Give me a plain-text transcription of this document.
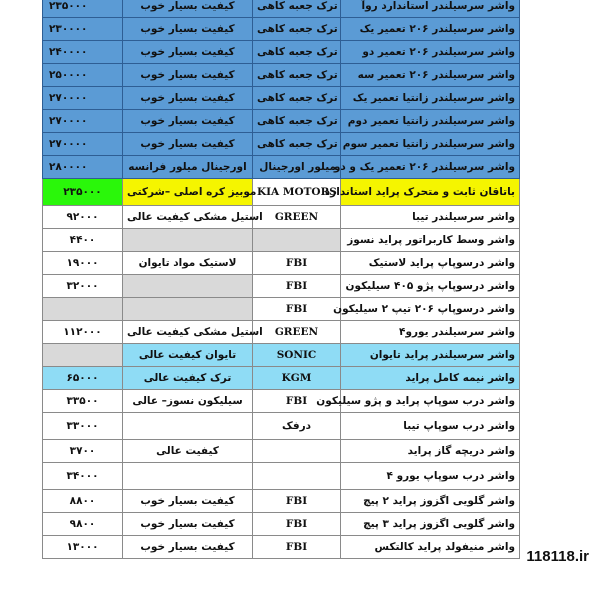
۲۳۵۰۰۰	کیفیت بسیار خوب	ترک جعبه کاهی	واشر سرسیلندر استاندارد روآ
۲۳۰۰۰۰	کیفیت بسیار خوب	ترک جعبه کاهی	واشر سرسیلندر ۲۰۶ تعمیر یک
۲۴۰۰۰۰	کیفیت بسیار خوب	ترک جعبه کاهی	واشر سرسیلندر ۲۰۶ تعمیر دو
۲۵۰۰۰۰	کیفیت بسیار خوب	ترک جعبه کاهی	واشر سرسیلندر ۲۰۶ تعمیر سه
۲۷۰۰۰۰	کیفیت بسیار خوب	ترک جعبه کاهی	واشر سرسیلندر زانتیا تعمیر یک
۲۷۰۰۰۰	کیفیت بسیار خوب	ترک جعبه کاهی	واشر سرسیلندر زانتیا تعمیر دوم
۲۷۰۰۰۰	کیفیت بسیار خوب	ترک جعبه کاهی	واشر سرسیلندر زانتیا تعمیر سوم
۲۸۰۰۰۰	اورجینال میلور فرانسه	میلور اورجینال	واشر سرسیلندر ۲۰۶ تعمیر یک و دو
۲۳۵۰۰۰	موبیز کره اصلی –شرکتی	KIA MOTORS	باتاقان ثابت و متحرک پراید استاندارد
۹۲۰۰۰	استیل مشکی کیفیت عالی	GREEN	واشر سرسیلندر تیبا
۴۴۰۰			واشر وسط کاربراتور پراید نسوز
۱۹۰۰۰	لاستیک مواد تایوان	FBI	واشر درسوپاپ پراید لاستیک
۳۲۰۰۰		FBI	واشر درسوپاپ پژو ۴۰۵ سیلیکون
		FBI	واشر درسوپاپ ۲۰۶ تیپ ۲ سیلیکون
۱۱۲۰۰۰	استیل مشکی کیفیت عالی	GREEN	واشر سرسیلندر یورو۴
	تایوان کیفیت عالی	SONIC	واشر سرسیلندر پراید تایوان
۶۵۰۰۰	ترک کیفیت عالی	KGM	واشر نیمه کامل پراید
۳۳۵۰۰	سیلیکون نسوز– عالی	FBI	واشر درب سوپاپ پراید و پژو سیلیکون
۳۳۰۰۰		درفک	واشر درب سوپاپ تیبا
۳۷۰۰	کیفیت عالی		واشر دریچه گاز پراید
۳۴۰۰۰			واشر درب سوپاپ یورو ۴
۸۸۰۰	کیفیت بسیار خوب	FBI	واشر گلویی اگزوز پراید ۲ پیچ
۹۸۰۰	کیفیت بسیار خوب	FBI	واشر گلویی اگزوز پراید ۳ پیچ
۱۳۰۰۰	کیفیت بسیار خوب	FBI	واشر منیفولد پراید کالتکس
118118.ir
